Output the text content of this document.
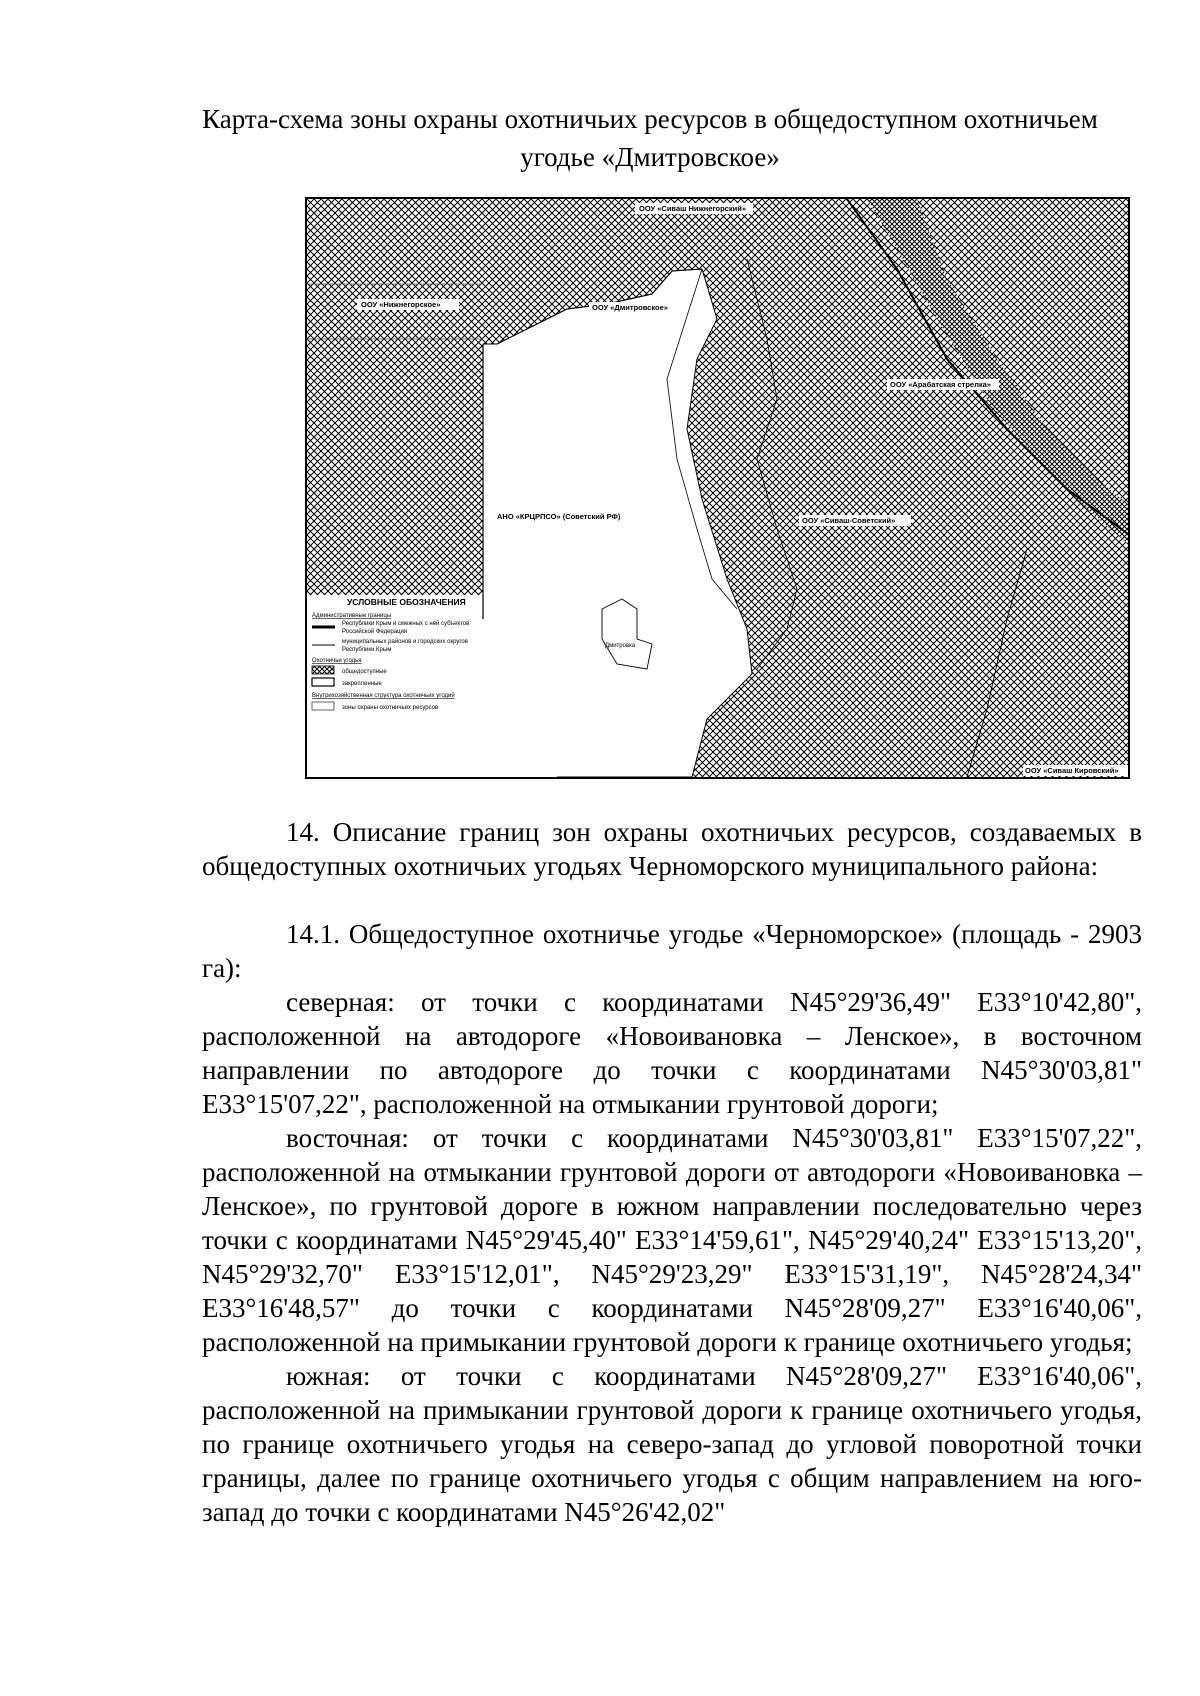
Карта-схема зоны охраны охотничьих ресурсов в общедоступном охотничьем
угодье «Дмитровское»
ООУ «Сиваш Нижнегорский»
ООУ «Нижнегорское»	ООУ «Дмитровское»
ООУ «Арабатская стрелка»
АНО «КРЦРПСО» (Советский РФ)	ООУ «Сиваш-Советский»
Дмитровка
ООУ «Сиваш Кировский»
УСЛОВНЫЕ ОБОЗНАЧЕНИЯ
Административные границы
Республики Крым и смежных с ней субъектов
Российской Федерации
муниципальных районов и городских округов
Республики Крым
Охотничьи угодья
общедоступные
закрепленные
Внутрихозяйственная структура охотничьих угодий
зоны охраны охотничьих ресурсов

14. Описание границ зон охраны охотничьих ресурсов, создаваемых в общедоступных охотничьих угодьях Черноморского муниципального района:

14.1. Общедоступное охотничье угодье «Черноморское» (площадь - 2903 га):

северная: от точки с координатами N45°29'36,49" E33°10'42,80", расположенной на автодороге «Новоивановка – Ленское», в восточном направлении по автодороге до точки с координатами N45°30'03,81" E33°15'07,22", расположенной на отмыкании грунтовой дороги;

восточная: от точки с координатами N45°30'03,81" E33°15'07,22", расположенной на отмыкании грунтовой дороги от автодороги «Новоивановка – Ленское», по грунтовой дороге в южном направлении последовательно через точки с координатами N45°29'45,40" E33°14'59,61", N45°29'40,24" E33°15'13,20", N45°29'32,70" E33°15'12,01", N45°29'23,29" E33°15'31,19", N45°28'24,34" E33°16'48,57" до точки с координатами N45°28'09,27" E33°16'40,06", расположенной на примыкании грунтовой дороги к границе охотничьего угодья;

южная: от точки с координатами N45°28'09,27" E33°16'40,06", расположенной на примыкании грунтовой дороги к границе охотничьего угодья, по границе охотничьего угодья на северо-запад до угловой поворотной точки границы, далее по границе охотничьего угодья с общим направлением на юго-запад до точки с координатами N45°26'42,02"
